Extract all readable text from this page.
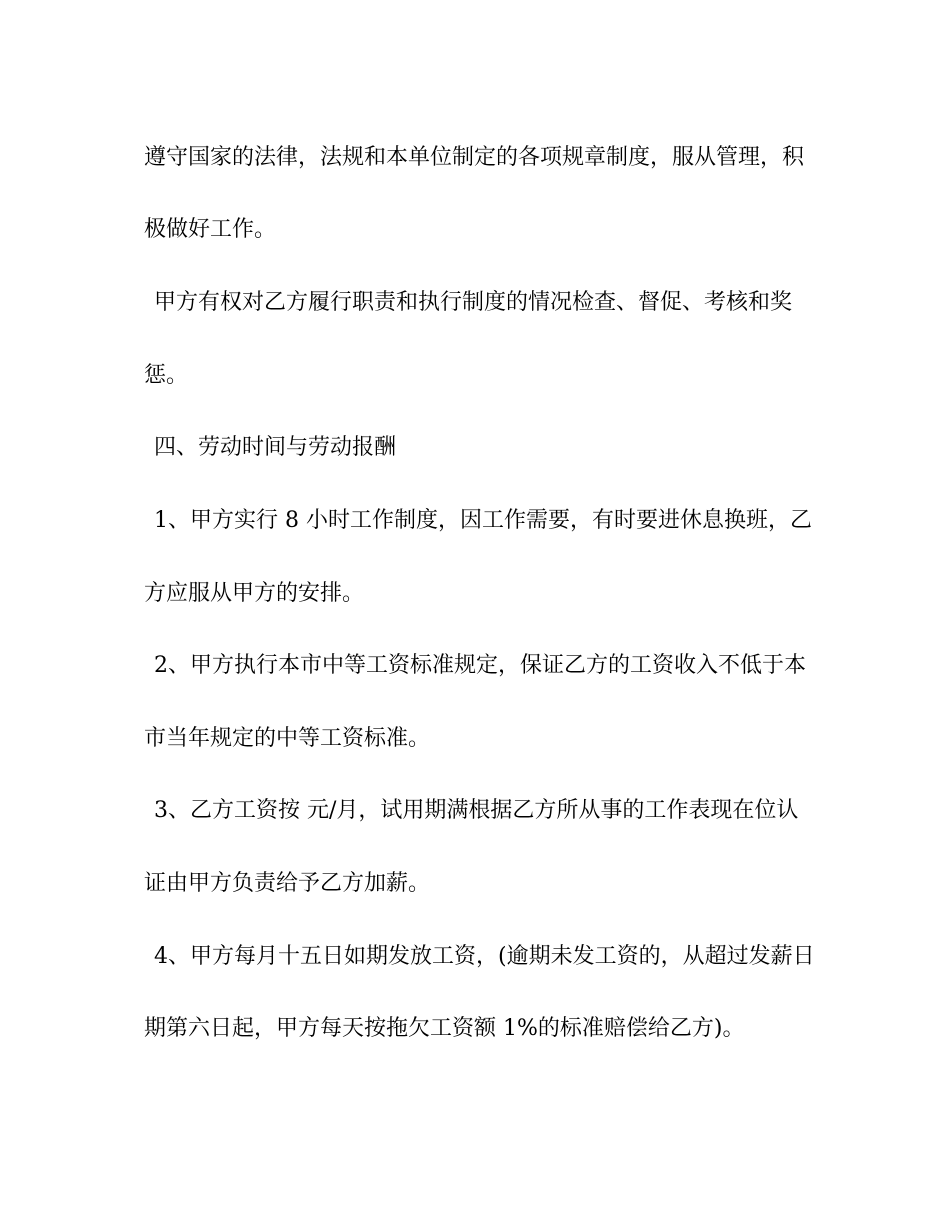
遵守国家的法律，法规和本单位制定的各项规章制度，服从管理，积
极做好工作。
甲方有权对乙方履行职责和执行制度的情况检查、督促、考核和奖
惩。
四、劳动时间与劳动报酬
1、甲方实行 8 小时工作制度，因工作需要，有时要进休息换班，乙
方应服从甲方的安排。
2、甲方执行本市中等工资标准规定，保证乙方的工资收入不低于本
市当年规定的中等工资标准。
3、乙方工资按 元/月，试用期满根据乙方所从事的工作表现在位认
证由甲方负责给予乙方加薪。
4、甲方每月十五日如期发放工资，(逾期未发工资的，从超过发薪日
期第六日起，甲方每天按拖欠工资额 1%的标准赔偿给乙方)。
